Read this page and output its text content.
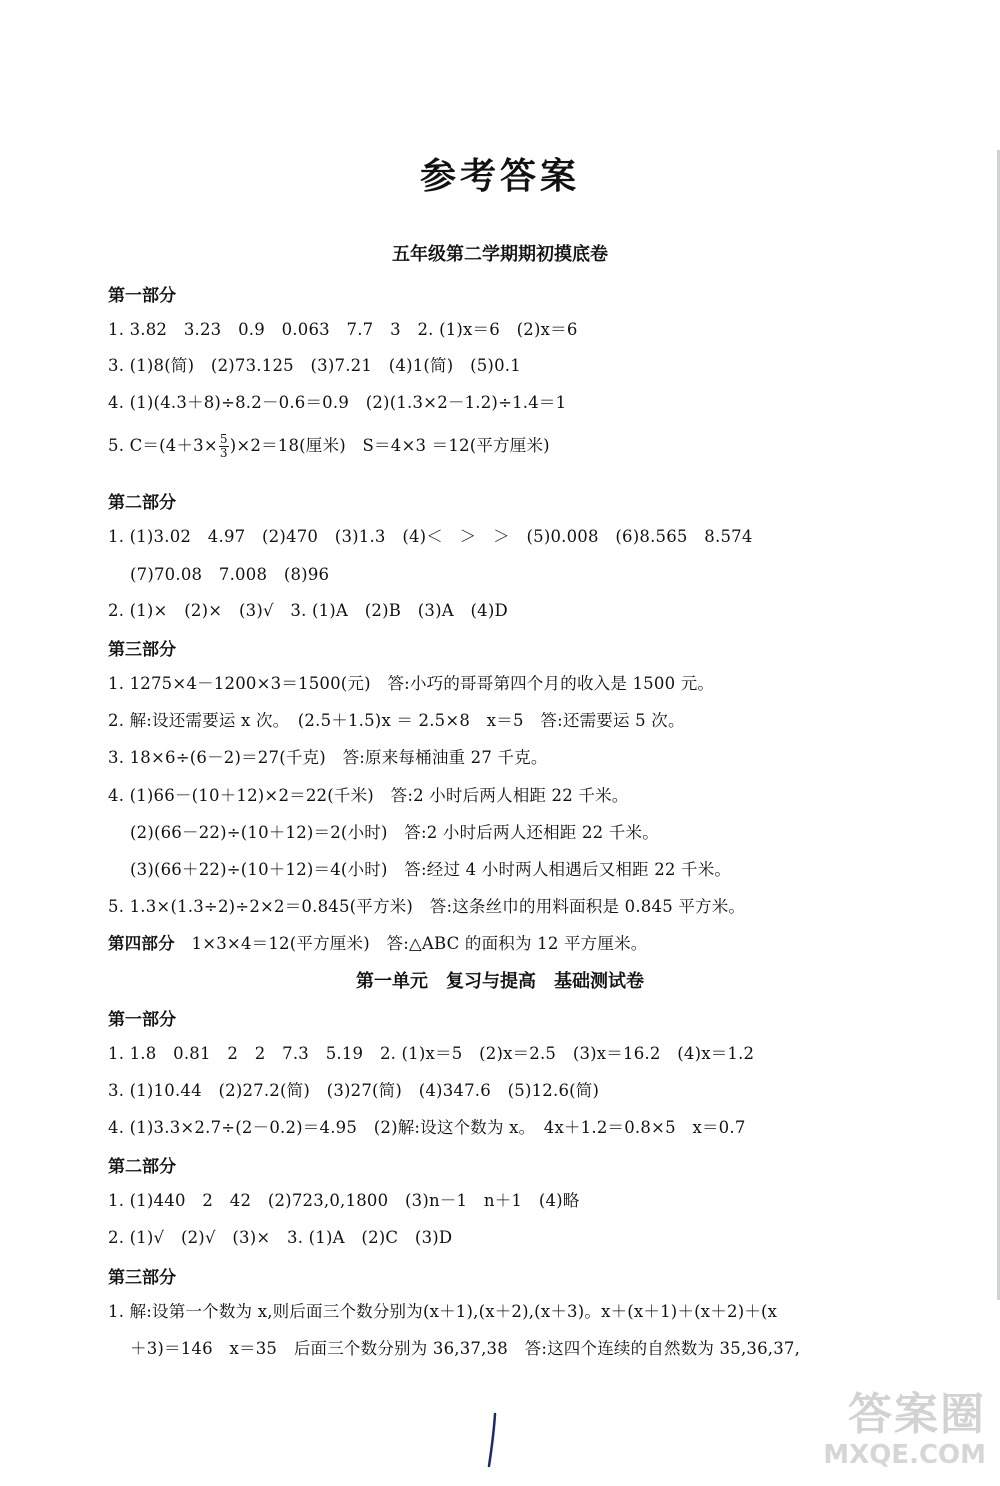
参考答案
五年级第二学期期初摸底卷
第一部分
1. 3.82　3.23　0.9　0.063　7.7　3　2. (1)x＝6　(2)x＝6
3. (1)8(简)　(2)73.125　(3)7.21　(4)1(简)　(5)0.1
4. (1)(4.3＋8)÷8.2－0.6＝0.9　(2)(1.3×2－1.2)÷1.4＝1
5. $C=(4+3\times \frac{5}{3} )\times 2=18$(厘米)　S＝4×3 ＝12(平方厘米)
第二部分
1. (1)3.02　4.97　(2)470　(3)1.3　(4)＜　＞　＞　(5)0.008　(6)8.565　8.574
(7)70.08　7.008　(8)96
2. (1)×　(2)×　(3)√　3. (1)A　(2)B　(3)A　(4)D
第三部分
1. 1275×4－1200×3＝1500(元)　答:小巧的哥哥第四个月的收入是 1500 元。
2. 解:设还需要运 x 次。　(2.5＋1.5)x ＝ 2.5×8　x＝5　答:还需要运 5 次。
3. 18×6÷(6－2)＝27(千克)　答:原来每桶油重 27 千克。
4. (1)66－(10＋12)×2＝22(千米)　答:2 小时后两人相距 22 千米。
(2)(66－22)÷(10＋12)＝2(小时)　答:2 小时后两人还相距 22 千米。
(3)(66＋22)÷(10＋12)＝4(小时)　答:经过 4 小时两人相遇后又相距 22 千米。
5. 1.3×(1.3÷2)÷2×2＝0.845(平方米)　答:这条丝巾的用料面积是 0.845 平方米。
第四部分　 1×3×4＝12(平方厘米)　答:△ABC 的面积为 12 平方厘米。
第一单元　复习与提高　基础测试卷
第一部分
1. 1.8　0.81　2　2　7.3　5.19　2. (1)x＝5　(2)x＝2.5　(3)x＝16.2　(4)x＝1.2
3. (1)10.44　(2)27.2(简)　(3)27(简)　(4)347.6　(5)12.6(简)
4. (1)3.3×2.7÷(2－0.2)＝4.95　(2)解:设这个数为 x。　4x＋1.2＝0.8×5　x＝0.7
第二部分
1. (1)440　2　42　(2)723,0,1800　(3)n－1　n＋1　(4)略
2. (1)√　(2)√　(3)×　3. (1)A　(2)C　(3)D
第三部分
1. 解:设第一个数为 x,则后面三个数分别为(x＋1),(x＋2),(x＋3)。x＋(x＋1)＋(x＋2)＋(x
＋3)＝146　x＝35　后面三个数分别为 36,37,38　答:这四个连续的自然数为 35,36,37,
答案圈
MXQE.COM
